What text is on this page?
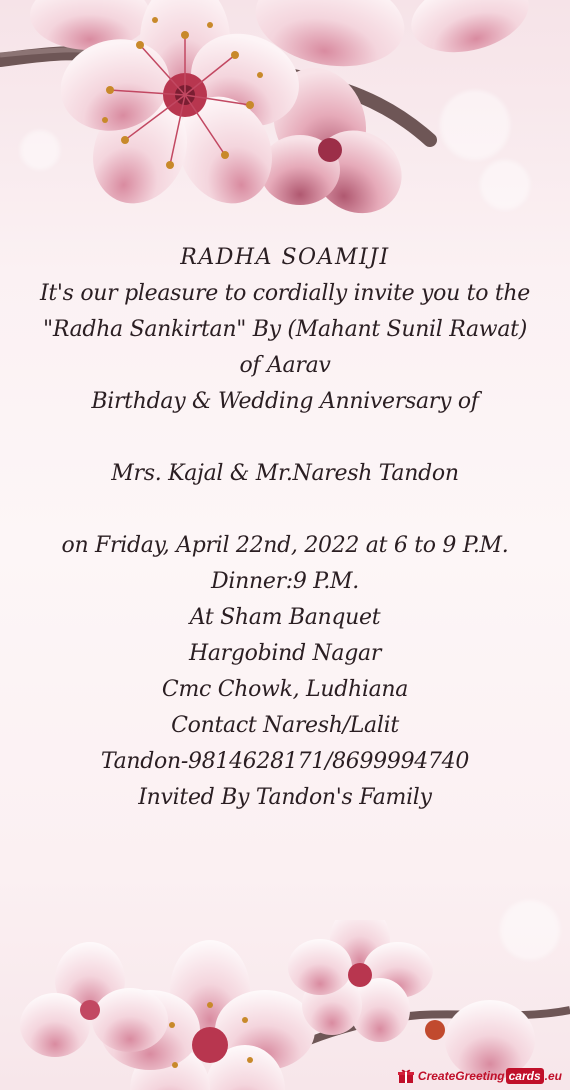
RADHA SOAMIJI
It's our pleasure to cordially invite you to the
"Radha Sankirtan" By (Mahant Sunil Rawat)
of Aarav
Birthday & Wedding Anniversary of
Mrs. Kajal & Mr.Naresh Tandon
on Friday, April 22nd, 2022 at 6 to 9 P.M.
Dinner:9 P.M.
At Sham Banquet
Hargobind Nagar
Cmc Chowk, Ludhiana
Contact Naresh/Lalit
Tandon-9814628171/8699994740
Invited By Tandon's Family
CreateGreeting cards .eu
